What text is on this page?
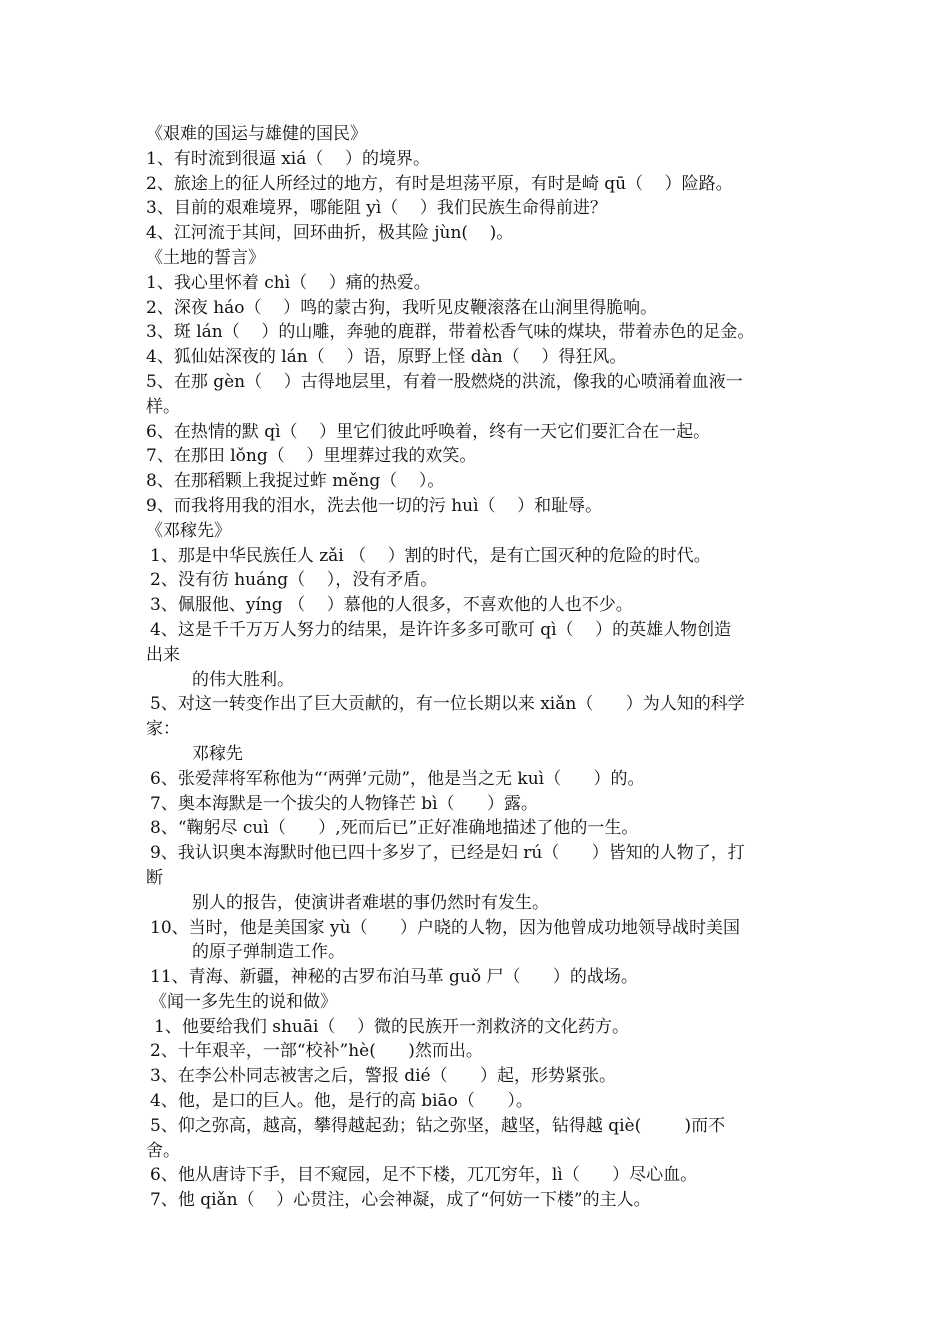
《艰难的国运与雄健的国民》
1、有时流到很逼 xiá（    ）的境界。
2、旅途上的征人所经过的地方，有时是坦荡平原，有时是崎 qū（    ）险路。
3、目前的艰难境界，哪能阻 yì（    ）我们民族生命得前进？
4、江河流于其间，回环曲折，极其险 jùn(    )。
《土地的誓言》
1、我心里怀着 chì（    ）痛的热爱。
2、深夜 háo（    ）鸣的蒙古狗，我听见皮鞭滚落在山涧里得脆响。
3、斑 lán（    ）的山雕，奔驰的鹿群，带着松香气味的煤块，带着赤色的足金。
4、狐仙姑深夜的 lán（    ）语，原野上怪 dàn（    ）得狂风。
5、在那 gèn（    ）古得地层里，有着一股燃烧的洪流，像我的心喷涌着血液一
样。
6、在热情的默 qì（    ）里它们彼此呼唤着，终有一天它们要汇合在一起。
7、在那田 lǒng（    ）里埋葬过我的欢笑。
8、在那稻颗上我捉过蚱 měng（    ）。
9、而我将用我的泪水，洗去他一切的污 huì（    ）和耻辱。
《邓稼先》
1、那是中华民族任人 zǎi （    ）割的时代，是有亡国灭种的危险的时代。
2、没有彷 huáng（    ），没有矛盾。
3、佩服他、yíng （    ）慕他的人很多，不喜欢他的人也不少。
4、这是千千万万人努力的结果，是许许多多可歌可 qì（    ）的英雄人物创造
出来
的伟大胜利。
5、对这一转变作出了巨大贡献的，有一位长期以来 xiǎn（      ）为人知的科学
家：
邓稼先
6、张爱萍将军称他为“‘两弹’元勋”，他是当之无 kuì（      ）的。
7、奥本海默是一个拔尖的人物锋芒 bì（      ）露。
8、“鞠躬尽 cuì（      ）,死而后已”正好准确地描述了他的一生。
9、我认识奥本海默时他已四十多岁了，已经是妇 rú（      ）皆知的人物了，打
断
别人的报告，使演讲者难堪的事仍然时有发生。
10、当时，他是美国家 yù（      ）户晓的人物，因为他曾成功地领导战时美国
的原子弹制造工作。
11、青海、新疆，神秘的古罗布泊马革 guǒ 尸（      ）的战场。
《闻一多先生的说和做》
1、他要给我们 shuāi（    ）微的民族开一剂救济的文化药方。
2、十年艰辛，一部“校补”hè(      )然而出。
3、在李公朴同志被害之后，警报 dié（      ）起，形势紧张。
4、他，是口的巨人。他，是行的高 biāo（      ）。
5、仰之弥高，越高，攀得越起劲；钻之弥坚，越坚，钻得越 qiè(        )而不
舍。
6、他从唐诗下手，目不窥园，足不下楼，兀兀穷年，lì（      ）尽心血。
7、他 qiǎn（    ）心贯注，心会神凝，成了“何妨一下楼”的主人。
